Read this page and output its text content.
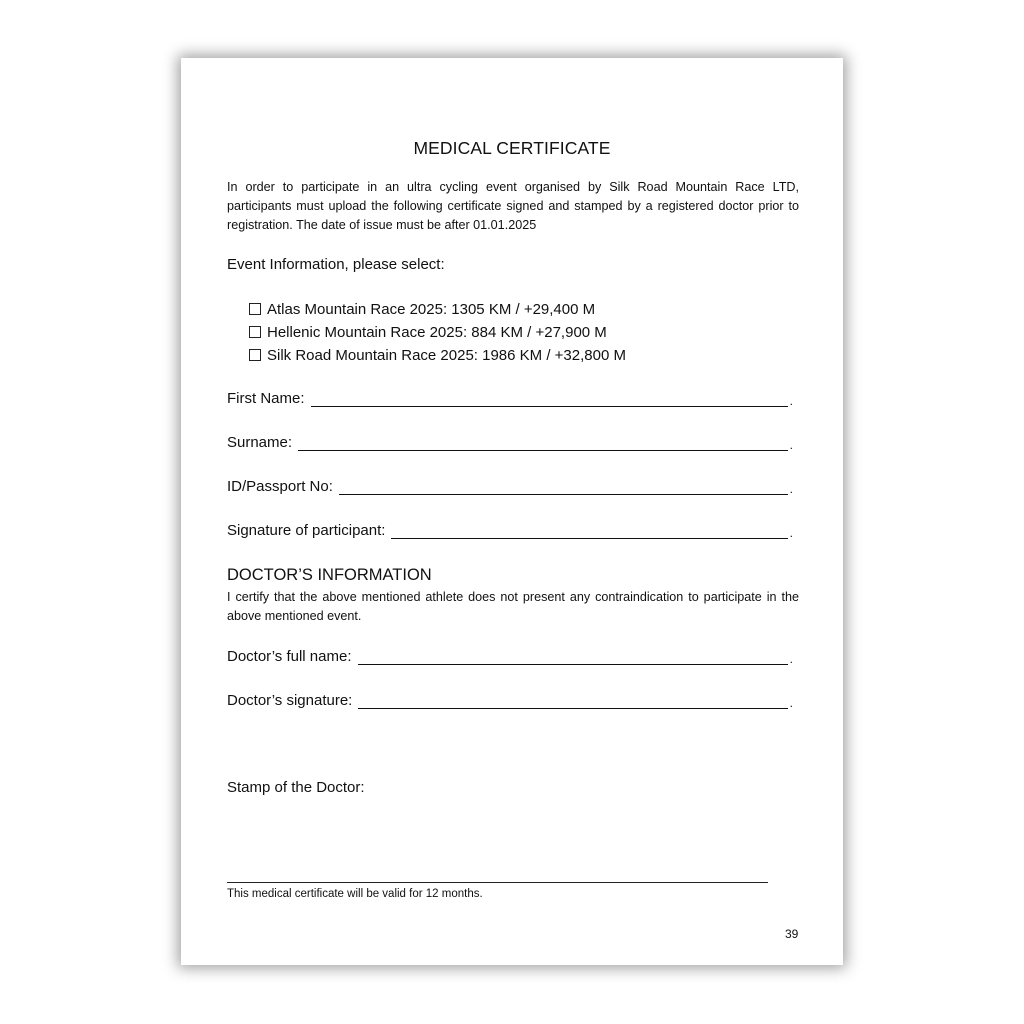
MEDICAL CERTIFICATE
In order to participate in an ultra cycling event organised by Silk Road Mountain Race LTD, participants must upload the following certificate signed and stamped by a registered doctor prior to registration. The date of issue must be after 01.01.2025
Event Information, please select:
Atlas Mountain Race 2025: 1305 KM / +29,400 M
Hellenic Mountain Race 2025: 884 KM / +27,900 M
Silk Road Mountain Race 2025: 1986 KM / +32,800 M
First Name:	.
Surname:	.
ID/Passport No:	.
Signature of participant:	.
DOCTOR’S INFORMATION
I certify that the above mentioned athlete does not present any contraindication to participate in the above mentioned event.
Doctor’s full name:	.
Doctor’s signature:	.
Stamp of the Doctor:
This medical certificate will be valid for 12 months.
39
